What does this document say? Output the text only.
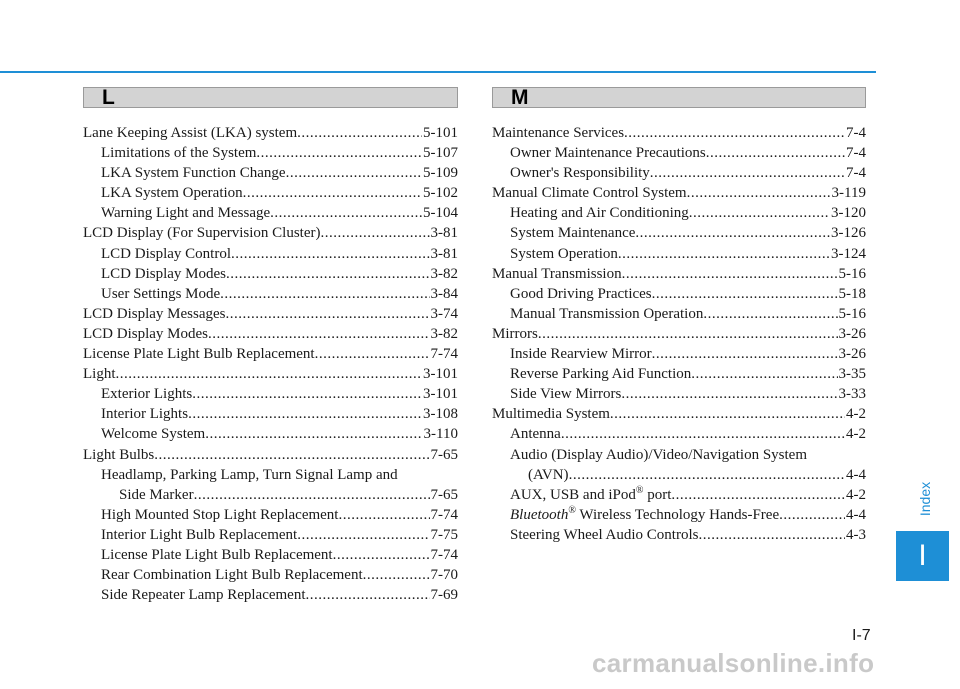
L	M
Lane Keeping Assist (LKA) system .....	5-101
Limitations of the System .....	5-107
LKA System Function Change .....	5-109
LKA System Operation .....	5-102
Warning Light and Message .....	5-104
LCD Display (For Supervision Cluster) .....	3-81
LCD Display Control .....	3-81
LCD Display Modes .....	3-82
User Settings Mode .....	3-84
LCD Display Messages .....	3-74
LCD Display Modes .....	3-82
License Plate Light Bulb Replacement .....	7-74
Light .....	3-101
Exterior Lights .....	3-101
Interior Lights .....	3-108
Welcome System .....	3-110
Light Bulbs .....	7-65
Headlamp, Parking Lamp, Turn Signal Lamp and
Side Marker .....	7-65
High Mounted Stop Light Replacement .....	7-74
Interior Light Bulb Replacement .....	7-75
License Plate Light Bulb Replacement .....	7-74
Rear Combination Light Bulb Replacement .....	7-70
Side Repeater Lamp Replacement .....	7-69
Maintenance Services .....	7-4
Owner Maintenance Precautions .....	7-4
Owner's Responsibility .....	7-4
Manual Climate Control System .....	3-119
Heating and Air Conditioning .....	3-120
System Maintenance .....	3-126
System Operation .....	3-124
Manual Transmission .....	5-16
Good Driving Practices .....	5-18
Manual Transmission Operation .....	5-16
Mirrors .....	3-26
Inside Rearview Mirror .....	3-26
Reverse Parking Aid Function .....	3-35
Side View Mirrors .....	3-33
Multimedia System .....	4-2
Antenna .....	4-2
Audio (Display Audio)/Video/Navigation System
(AVN) .....	4-4
AUX, USB and iPod® port .....	4-2
Bluetooth® Wireless Technology Hands-Free .....	4-4
Steering Wheel Audio Controls .....	4-3
Index
I
I-7
carmanualsonline.info
